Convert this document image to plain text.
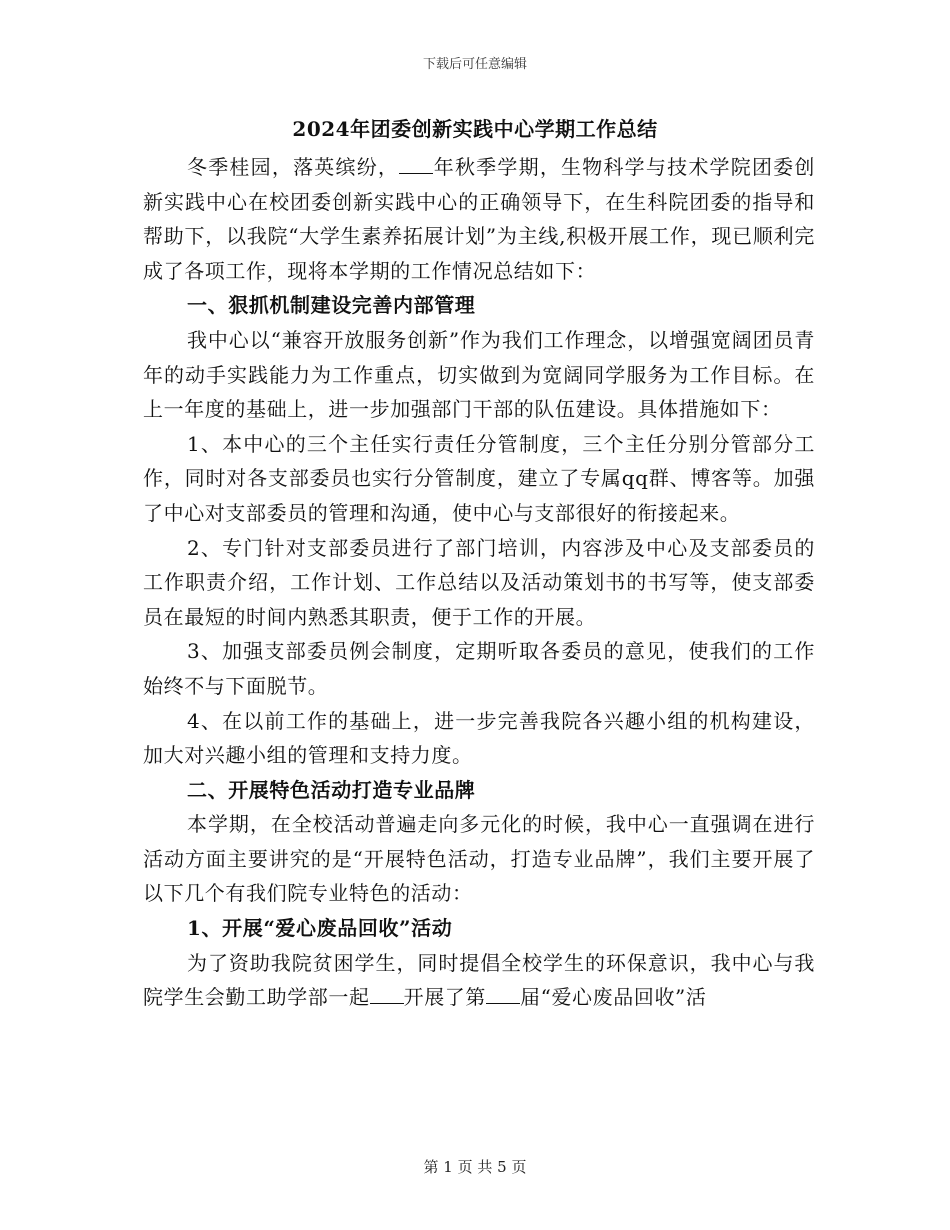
下载后可任意编辑
2024年团委创新实践中心学期工作总结

冬季桂园，落英缤纷， 年秋季学期，生物科学与技术学院团委创新实践中心在校团委创新实践中心的正确领导下，在生科院团委的指导和帮助下，以我院“大学生素养拓展计划”为主线,积极开展工作，现已顺利完成了各项工作，现将本学期的工作情况总结如下：

一、狠抓机制建设完善内部管理

我中心以“兼容开放服务创新”作为我们工作理念，以增强宽阔团员青年的动手实践能力为工作重点，切实做到为宽阔同学服务为工作目标。在上一年度的基础上，进一步加强部门干部的队伍建设。具体措施如下：

1、本中心的三个主任实行责任分管制度，三个主任分别分管部分工作，同时对各支部委员也实行分管制度，建立了专属qq群、博客等。加强了中心对支部委员的管理和沟通，使中心与支部很好的衔接起来。

2、专门针对支部委员进行了部门培训，内容涉及中心及支部委员的工作职责介绍，工作计划、工作总结以及活动策划书的书写等，使支部委员在最短的时间内熟悉其职责，便于工作的开展。

3、加强支部委员例会制度，定期听取各委员的意见，使我们的工作始终不与下面脱节。

4、在以前工作的基础上，进一步完善我院各兴趣小组的机构建设，加大对兴趣小组的管理和支持力度。

二、开展特色活动打造专业品牌

本学期，在全校活动普遍走向多元化的时候，我中心一直强调在进行活动方面主要讲究的是“开展特色活动，打造专业品牌”，我们主要开展了以下几个有我们院专业特色的活动：

1、开展“爱心废品回收”活动

为了资助我院贫困学生，同时提倡全校学生的环保意识，我中心与我院学生会勤工助学部一起 开展了第 届“爱心废品回收”活

第 1 页 共 5 页
